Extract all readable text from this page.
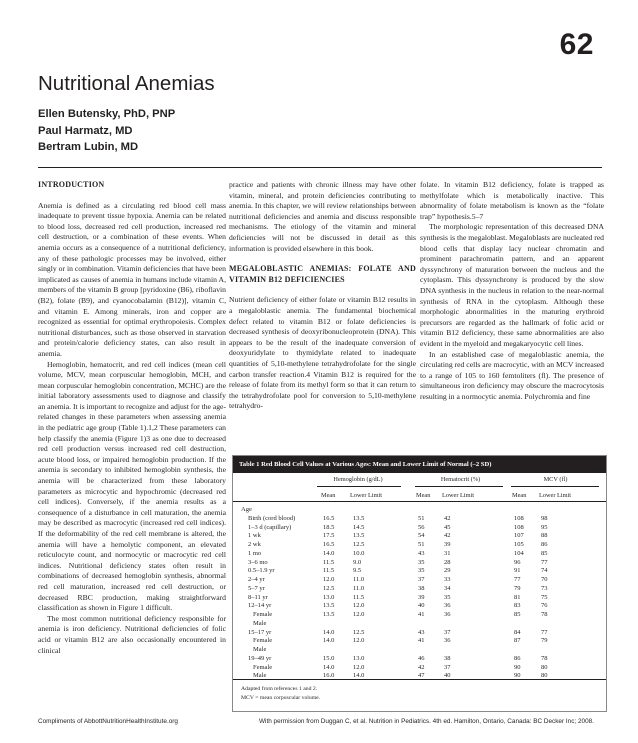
62
Nutritional Anemias
Ellen Butensky, PhD, PNP
Paul Harmatz, MD
Bertram Lubin, MD
INTRODUCTION

Anemia is defined as a circulating red blood cell mass inadequate to prevent tissue hypoxia. Anemia can be related to blood loss, decreased red cell production, increased red cell destruction, or a combination of these events. When anemia occurs as a consequence of a nutritional deficiency, any of these pathologic processes may be involved, either singly or in combination. Vitamin deficiencies that have been implicated as causes of anemia in humans include vitamin A, members of the vitamin B group [pyridoxine (B6), riboflavin (B2), folate (B9), and cyanocobalamin (B12)], vitamin C, and vitamin E. Among minerals, iron and copper are recognized as essential for optimal erythropoiesis. Complex nutritional disturbances, such as those observed in starvation and protein/calorie deficiency states, can also result in anemia.

Hemoglobin, hematocrit, and red cell indices (mean cell volume, MCV, mean corpuscular hemoglobin, MCH, and mean corpuscular hemoglobin concentration, MCHC) are the initial laboratory assessments used to diagnose and classify an anemia. It is important to recognize and adjust for the age-related changes in these parameters when assessing anemia in the pediatric age group (Table 1).1,2 These parameters can help classify the anemia (Figure 1)3 as one due to decreased red cell production versus increased red cell destruction, acute blood loss, or impaired hemoglobin production. If the anemia is secondary to inhibited hemoglobin synthesis, the anemia will be characterized from these laboratory parameters as microcytic and hypochromic (decreased red cell indices). Conversely, if the anemia results as a consequence of a disturbance in cell maturation, the anemia may be described as macrocytic (increased red cell indices). If the deformability of the red cell membrane is altered, the anemia will have a hemolytic component, an elevated reticulocyte count, and normocytic or macrocytic red cell indices. Nutritional deficiency states often result in combinations of decreased hemoglobin synthesis, abnormal red cell maturation, increased red cell destruction, or decreased RBC production, making straightforward classification as shown in Figure 1 difficult.

The most common nutritional deficiency responsible for anemia is iron deficiency. Nutritional deficiencies of folic acid or vitamin B12 are also occasionally encountered in clinical

practice and patients with chronic illness may have other vitamin, mineral, and protein deficiencies contributing to anemia. In this chapter, we will review relationships between nutritional deficiencies and anemia and discuss responsible mechanisms. The etiology of the vitamin and mineral deficiencies will not be discussed in detail as this information is provided elsewhere in this book.

MEGALOBLASTIC ANEMIAS: FOLATE AND VITAMIN B12 DEFICIENCIES

Nutrient deficiency of either folate or vitamin B12 results in a megaloblastic anemia. The fundamental biochemical defect related to vitamin B12 or folate deficiencies is decreased synthesis of deoxyribonucleoprotein (DNA). This appears to be the result of the inadequate conversion of deoxyuridylate to thymidylate related to inadequate quantities of 5,10-methylene tetrahydrofolate for the single carbon transfer reaction.4 Vitamin B12 is required for the release of folate from its methyl form so that it can return to the tetrahydrofolate pool for conversion to 5,10-methylene tetrahydro-

folate. In vitamin B12 deficiency, folate is trapped as methylfolate which is metabolically inactive. This abnormality of folate metabolism is known as the “folate trap” hypothesis.5–7

The morphologic representation of this decreased DNA synthesis is the megaloblast. Megaloblasts are nucleated red blood cells that display lacy nuclear chromatin and prominent parachromatin pattern, and an apparent dyssynchrony of maturation between the nucleus and the cytoplasm. This dyssynchrony is produced by the slow DNA synthesis in the nucleus in relation to the near-normal synthesis of RNA in the cytoplasm. Although these morphologic abnormalities in the maturing erythroid precursors are regarded as the hallmark of folic acid or vitamin B12 deficiency, these same abnormalities are also evident in the myeloid and megakaryocytic cell lines.

In an established case of megaloblastic anemia, the circulating red cells are macrocytic, with an MCV increased to a range of 105 to 160 femtoliters (fl). The presence of simultaneous iron deficiency may obscure the macrocytosis resulting in a normocytic anemia. Polychromia and fine

Table 1 Red Blood Cell Values at Various Ages: Mean and Lower Limit of Normal (–2 SD)
Hemoglobin (g/dL)	Hematocrit (%)	MCV (fl)
Mean Lower Limit	Mean Lower Limit	Mean Lower Limit
Age
Birth (cord blood)	16.5	13.5	51	42	108	98
1–3 d (capillary)	18.5	14.5	56	45	108	95
1 wk	17.5	13.5	54	42	107	88
2 wk	16.5	12.5	51	39	105	86
1 mo	14.0	10.0	43	31	104	85
3–6 mo	11.5	9.0	35	28	96	77
0.5–1.9 yr	11.5	9.5	35	29	91	74
2–4 yr	12.0	11.0	37	33	77	70
5–7 yr	12.5	11.0	38	34	79	73
8–11 yr	13.0	11.5	39	35	81	75
12–14 yr	13.5	12.0	40	36	83	76
Female	13.5	12.0	41	36	85	78
Male
15–17 yr	14.0	12.5	43	37	84	77
Female	14.0	12.0	41	36	87	79
Male
19–49 yr	15.0	13.0	46	38	86	78
Female	14.0	12.0	42	37	90	80
Male	16.0	14.0	47	40	90	80
Adapted from references 1 and 2.
MCV = mean corpuscular volume.
Compliments of AbbottNutritionHealthInstitute.org	With permission from Duggan C, et al. Nutrition in Pediatrics. 4th ed. Hamilton, Ontario, Canada: BC Decker Inc; 2008.
